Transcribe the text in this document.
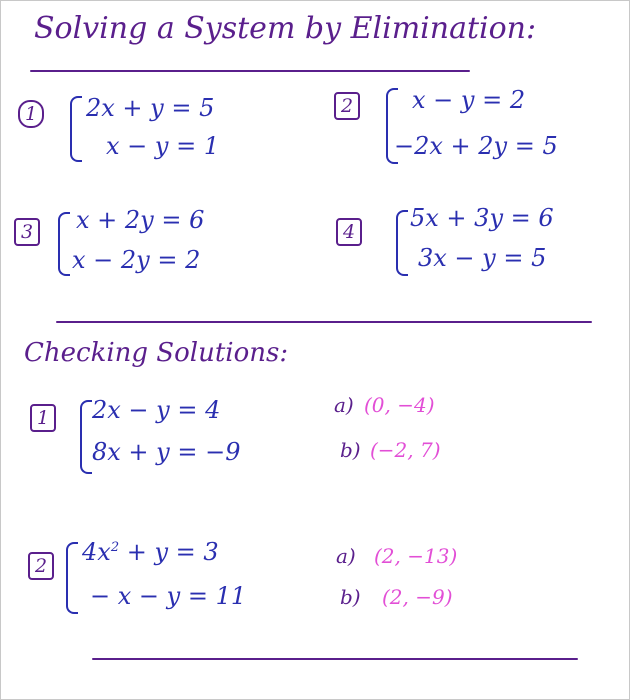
Solving a System by Elimination:
1 2x + y = 5
x − y = 1
2 x − y = 2
−2x + 2y = 5
3 x + 2y = 6
x − 2y = 2
4 5x + 3y = 6
3x − y = 5
Checking Solutions:
1 2x − y = 4
8x + y = −9
a) (0, −4)
b) (−2, 7)
2 $4x^2 + y = 3$
− x − y = 11
a) (2, −13)
b) (2, −9)
